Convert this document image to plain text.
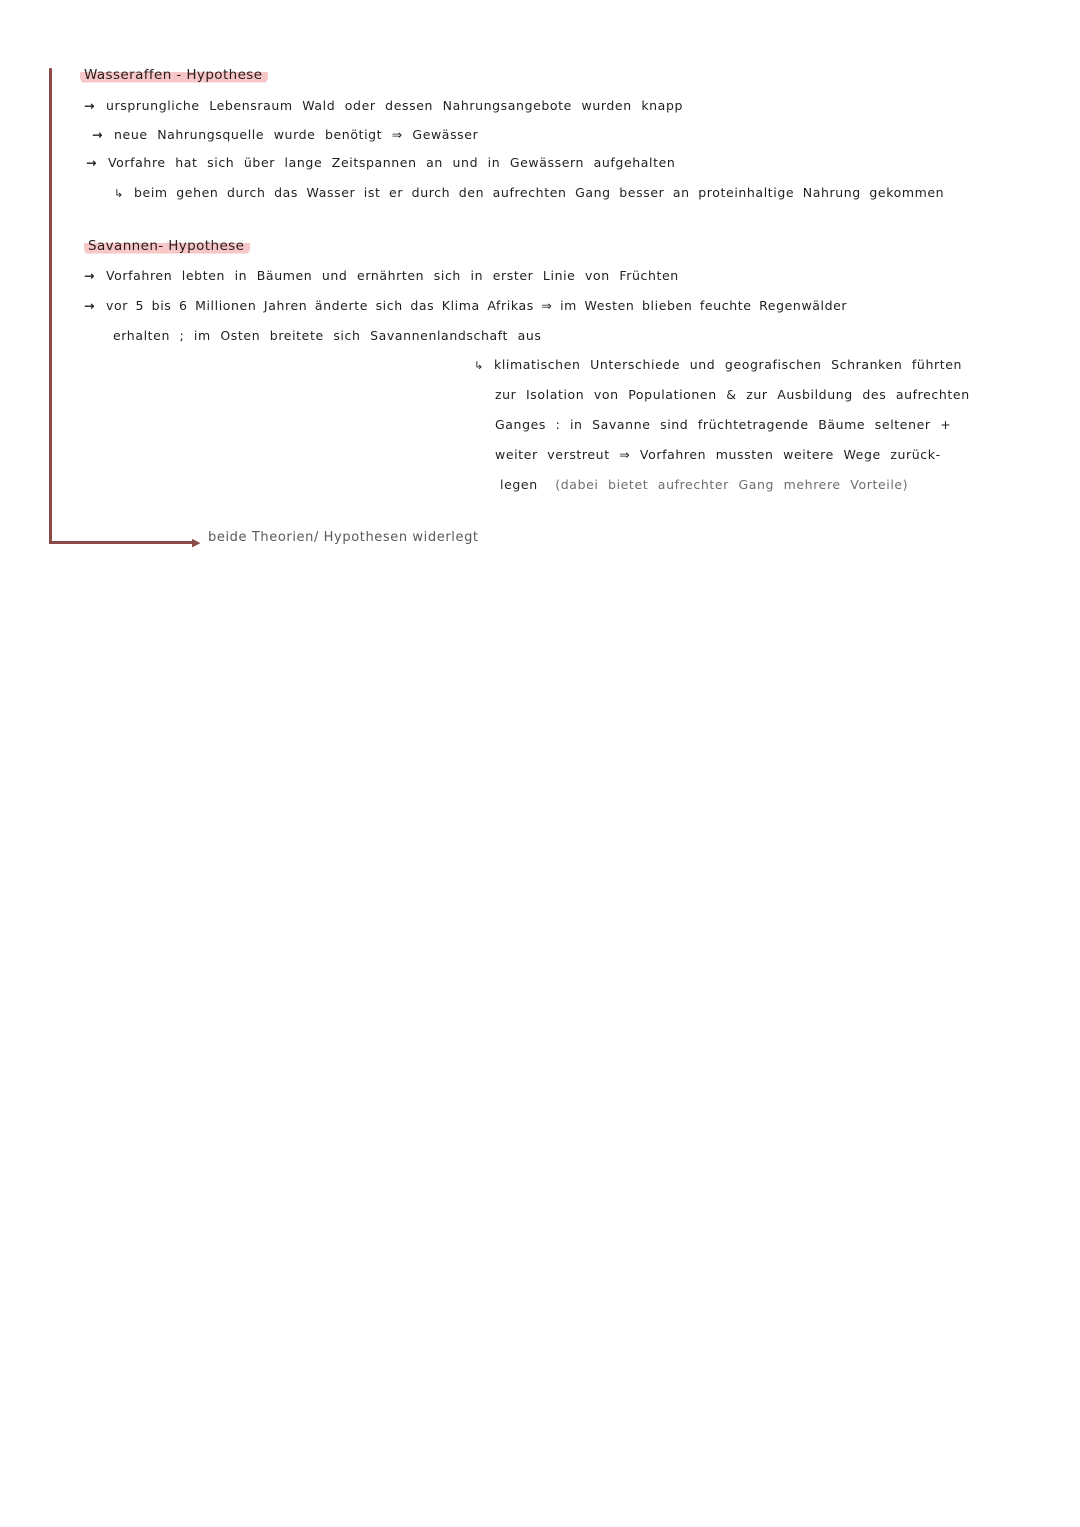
▶
Wasseraffen - Hypothese
→ ursprungliche Lebensraum Wald oder dessen Nahrungsangebote wurden knapp
→ neue Nahrungsquelle wurde benötigt ⇒ Gewässer
→ Vorfahre hat sich über lange Zeitspannen an und in Gewässern aufgehalten
↳ beim gehen durch das Wasser ist er durch den aufrechten Gang besser an proteinhaltige Nahrung gekommen
Savannen- Hypothese
→ Vorfahren lebten in Bäumen und ernährten sich in erster Linie von Früchten
→ vor 5 bis 6 Millionen Jahren änderte sich das Klima Afrikas ⇒ im Westen blieben feuchte Regenwälder
erhalten ; im Osten breitete sich Savannenlandschaft aus
↳ klimatischen Unterschiede und geografischen Schranken führten
zur Isolation von Populationen & zur Ausbildung des aufrechten
Ganges : in Savanne sind früchtetragende Bäume seltener +
weiter verstreut ⇒ Vorfahren mussten weitere Wege zurück-
legen (dabei bietet aufrechter Gang mehrere Vorteile)
beide Theorien/ Hypothesen widerlegt
